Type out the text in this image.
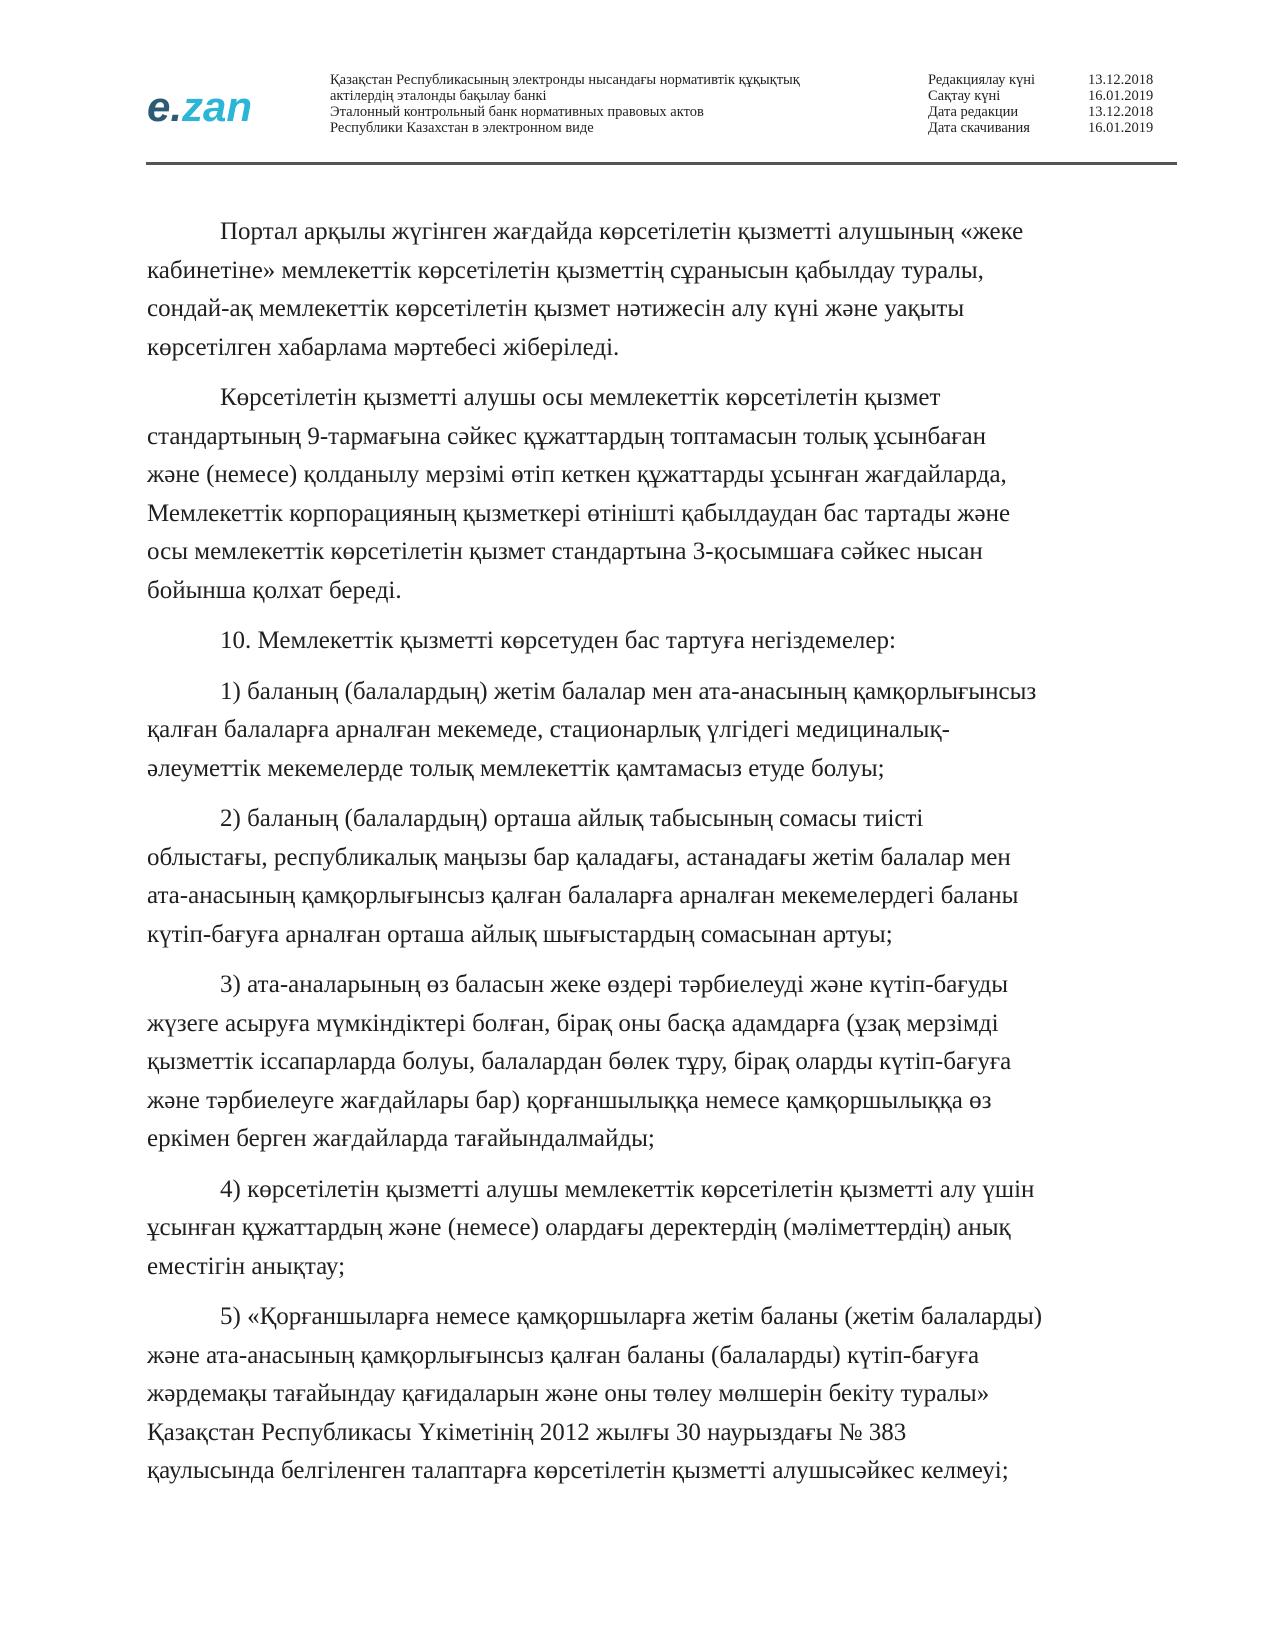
e.zan
Қазақстан Республикасының электронды нысандағы нормативтік құқықтық
актілердің эталонды бақылау банкі
Эталонный контрольный банк нормативных правовых актов
Республики Казахстан в электронном виде
Редакциялау күні	13.12.2018
Сақтау күні	16.01.2019
Дата редакции	13.12.2018
Дата скачивания	16.01.2019
Портал арқылы жүгінген жағдайда көрсетілетін қызметті алушының «жеке
кабинетіне» мемлекеттік көрсетілетін қызметтің сұранысын қабылдау туралы,
сондай-ақ мемлекеттік көрсетілетін қызмет нәтижесін алу күні және уақыты
көрсетілген хабарлама мәртебесі жіберіледі.
Көрсетілетін қызметті алушы осы мемлекеттік көрсетілетін қызмет
стандартының 9-тармағына сәйкес құжаттардың топтамасын толық ұсынбаған
және (немесе) қолданылу мерзімі өтіп кеткен құжаттарды ұсынған жағдайларда,
Мемлекеттік корпорацияның қызметкері өтінішті қабылдаудан бас тартады және
осы мемлекеттік көрсетілетін қызмет стандартына 3-қосымшаға сәйкес нысан
бойынша қолхат береді.
10. Мемлекеттік қызметті көрсетуден бас тартуға негіздемелер:
1) баланың (балалардың) жетім балалар мен ата-анасының қамқорлығынсыз
қалған балаларға арналған мекемеде, стационарлық үлгідегі медициналық-
әлеуметтік мекемелерде толық мемлекеттік қамтамасыз етуде болуы;
2) баланың (балалардың) орташа айлық табысының сомасы тиісті
облыстағы, республикалық маңызы бар қаладағы, астанадағы жетім балалар мен
ата-анасының қамқорлығынсыз қалған балаларға арналған мекемелердегі баланы
күтіп-бағуға арналған орташа айлық шығыстардың сомасынан артуы;
3) ата-аналарының өз баласын жеке өздері тәрбиелеуді және күтіп-бағуды
жүзеге асыруға мүмкіндіктері болған, бірақ оны басқа адамдарға (ұзақ мерзімді
қызметтік іссапарларда болуы, балалардан бөлек тұру, бірақ оларды күтіп-бағуға
және тәрбиелеуге жағдайлары бар) қорғаншылыққа немесе қамқоршылыққа өз
еркімен берген жағдайларда тағайындалмайды;
4) көрсетілетін қызметті алушы мемлекеттік көрсетілетін қызметті алу үшін
ұсынған құжаттардың және (немесе) олардағы деректердің (мәліметтердің) анық
еместігін анықтау;
5) «Қорғаншыларға немесе қамқоршыларға жетім баланы (жетім балаларды)
және ата-анасының қамқорлығынсыз қалған баланы (балаларды) күтіп-бағуға
жәрдемақы тағайындау қағидаларын және оны төлеу мөлшерін бекіту туралы»
Қазақстан Республикасы Үкіметінің 2012 жылғы 30 наурыздағы № 383
қаулысында белгіленген талаптарға көрсетілетін қызметті алушысәйкес келмеуі;
